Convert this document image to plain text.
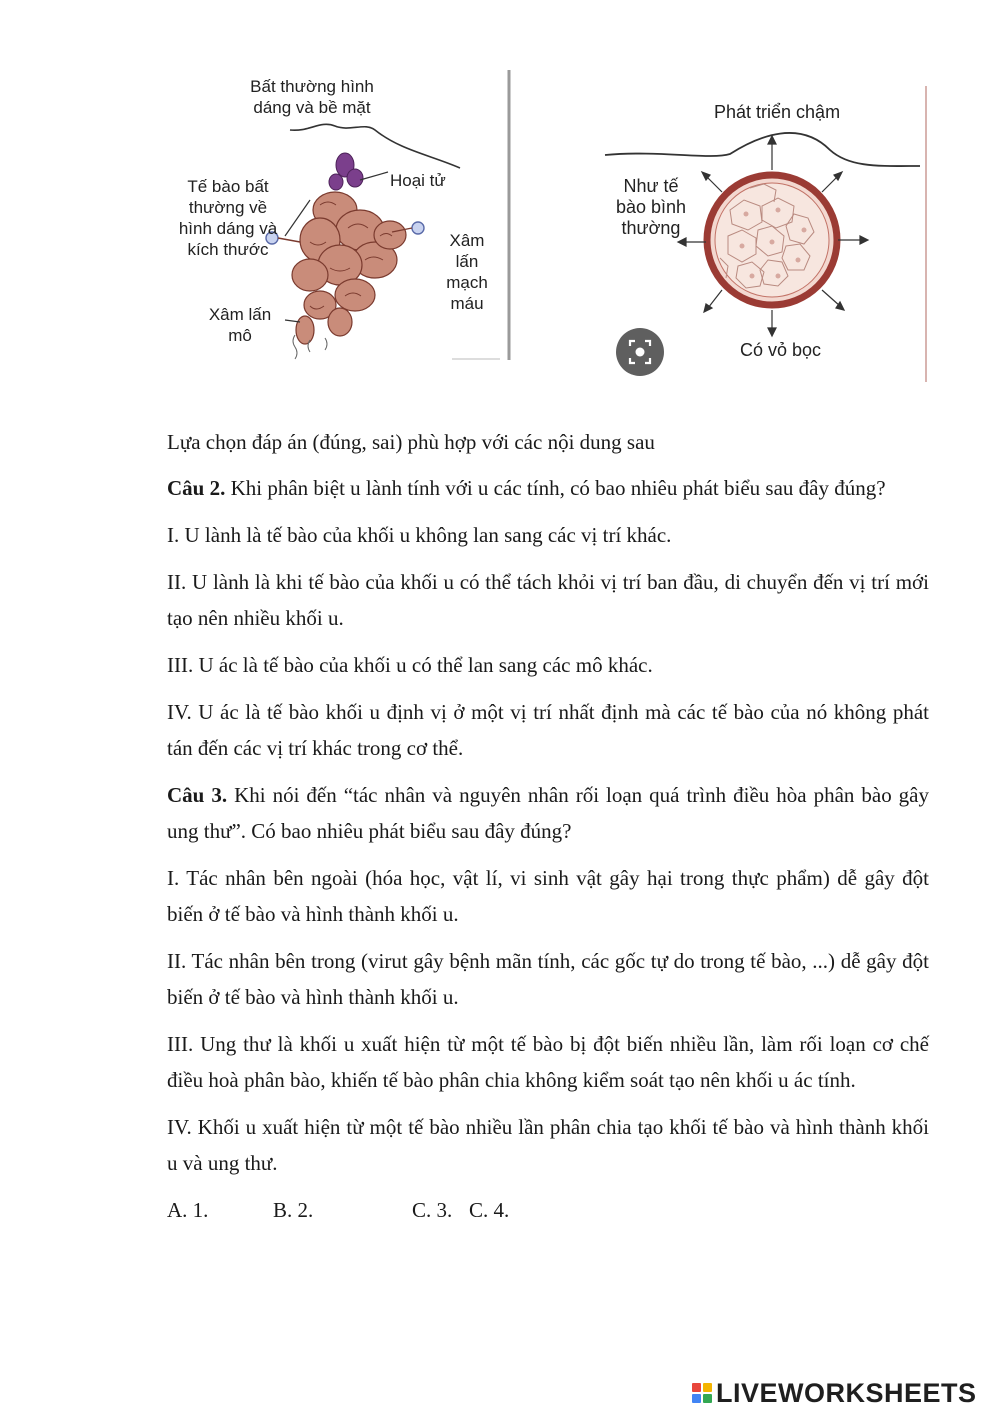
Bất thường hình
dáng và bề mặt
Tế bào bất
thường về
hình dáng và
kích thước
Hoại tử
Xâm
lấn
mạch
máu
Xâm lấn
mô
Phát triển chậm
Như tế
bào bình
thường
Có vỏ bọc

Lựa chọn đáp án (đúng, sai) phù hợp với các nội dung sau

Câu 2. Khi phân biệt u lành tính với u các tính, có bao nhiêu phát biểu sau đây đúng?

I. U lành là tế bào của khối u không lan sang các vị trí khác.

II. U lành là khi tế bào của khối u có thể tách khỏi vị trí ban đầu, di chuyển đến vị trí mới tạo nên nhiều khối u.

III. U ác là tế bào của khối u có thể lan sang các mô khác.

IV. U ác là tế bào khối u định vị ở một vị trí nhất định mà các tế bào của nó không phát tán đến các vị trí khác trong cơ thể.

Câu 3. Khi nói đến “tác nhân và nguyên nhân rối loạn quá trình điều hòa phân bào gây ung thư”. Có bao nhiêu phát biểu sau đây đúng?

I. Tác nhân bên ngoài (hóa học, vật lí, vi sinh vật gây hại trong thực phẩm) dễ gây đột biến ở tế bào và hình thành khối u.

II. Tác nhân bên trong (virut gây bệnh mãn tính, các gốc tự do trong tế bào, ...) dễ gây đột biến ở tế bào và hình thành khối u.

III. Ung thư là khối u xuất hiện từ một tế bào bị đột biến nhiều lần, làm rối loạn cơ chế điều hoà phân bào, khiến tế bào phân chia không kiểm soát tạo nên khối u ác tính.

IV. Khối u xuất hiện từ một tế bào nhiều lần phân chia tạo khối tế bào và hình thành khối u và ung thư.

A. 1.	B. 2.	C. 3. C. 4.
LIVEWORKSHEETS
